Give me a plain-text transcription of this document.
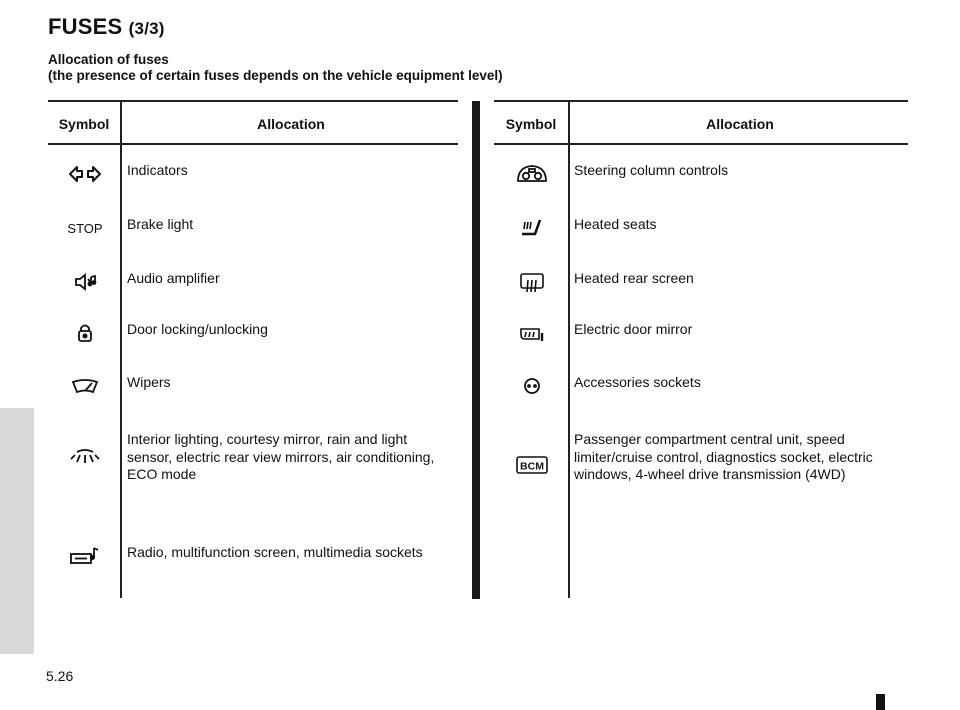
FUSES (3/3)
Allocation of fuses
(the presence of certain fuses depends on the vehicle equipment level)
Symbol	Allocation
Indicators
STOP Brake light
Audio amplifier
Door locking/unlocking
Wipers
Interior lighting, courtesy mirror, rain and light sensor, electric rear view mirrors, air conditioning, ECO mode
Radio, multifunction screen, multimedia sockets
Symbol	Allocation
Steering column controls
Heated seats
Heated rear screen
Electric door mirror
Accessories sockets
BCM
Passenger compartment central unit, speed limiter/cruise control, diagnostics socket, electric windows, 4-wheel drive transmission (4WD)
5.26
